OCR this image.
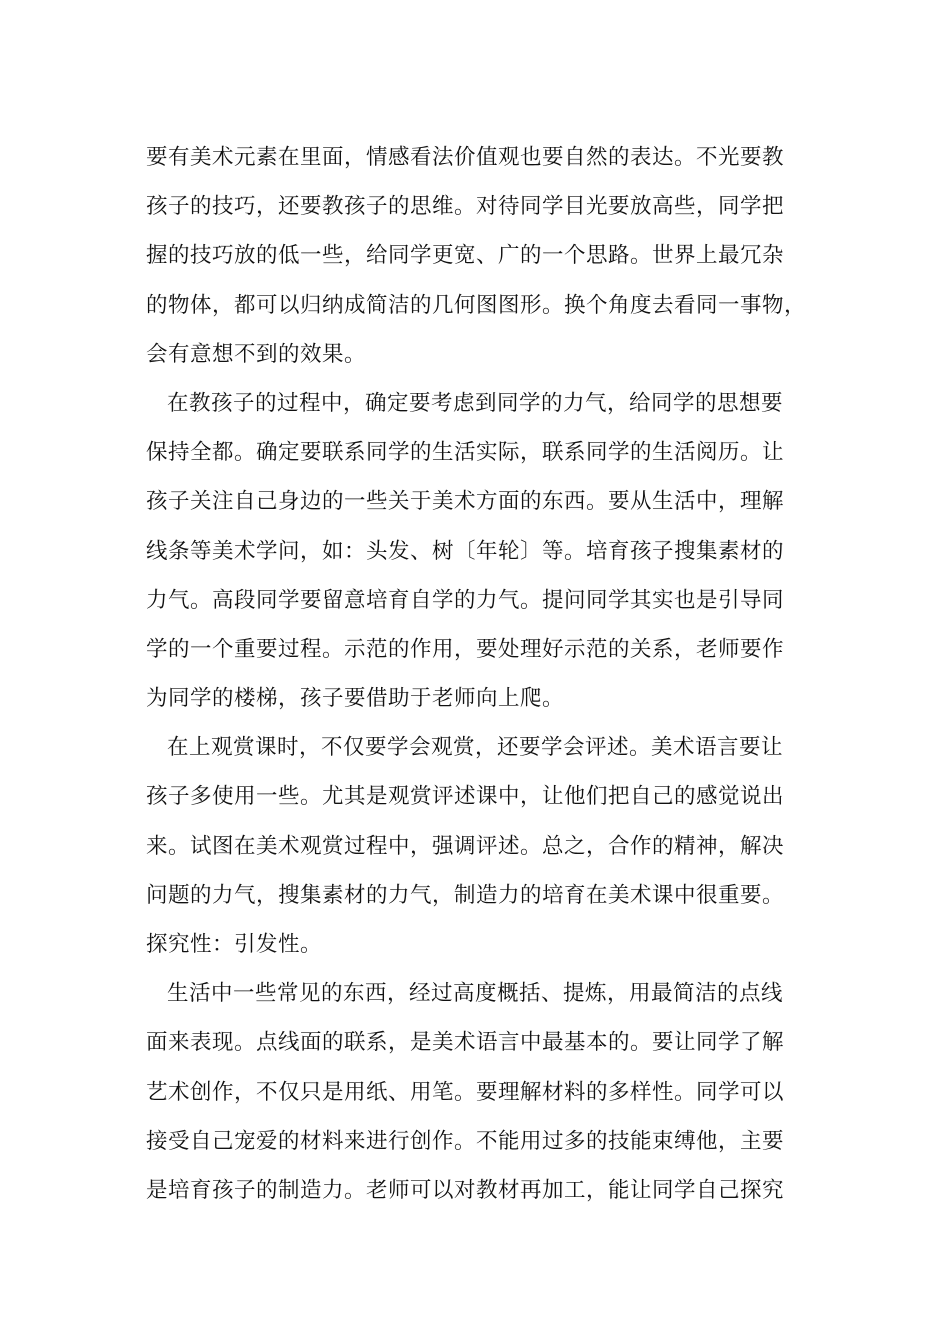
要有美术元素在里面，情感看法价值观也要自然的表达。不光要教
孩子的技巧，还要教孩子的思维。对待同学目光要放高些，同学把
握的技巧放的低一些，给同学更宽、广的一个思路。世界上最冗杂
的物体，都可以归纳成简洁的几何图图形。换个角度去看同一事物，
会有意想不到的效果。
在教孩子的过程中，确定要考虑到同学的力气，给同学的思想要
保持全都。确定要联系同学的生活实际，联系同学的生活阅历。让
孩子关注自己身边的一些关于美术方面的东西。要从生活中，理解
线条等美术学问，如：头发、树〔年轮〕等。培育孩子搜集素材的
力气。高段同学要留意培育自学的力气。提问同学其实也是引导同
学的一个重要过程。示范的作用，要处理好示范的关系，老师要作
为同学的楼梯，孩子要借助于老师向上爬。
在上观赏课时，不仅要学会观赏，还要学会评述。美术语言要让
孩子多使用一些。尤其是观赏评述课中，让他们把自己的感觉说出
来。试图在美术观赏过程中，强调评述。总之，合作的精神，解决
问题的力气，搜集素材的力气，制造力的培育在美术课中很重要。
探究性：引发性。
生活中一些常见的东西，经过高度概括、提炼，用最简洁的点线
面来表现。点线面的联系，是美术语言中最基本的。要让同学了解
艺术创作，不仅只是用纸、用笔。要理解材料的多样性。同学可以
接受自己宠爱的材料来进行创作。不能用过多的技能束缚他，主要
是培育孩子的制造力。老师可以对教材再加工，能让同学自己探究
